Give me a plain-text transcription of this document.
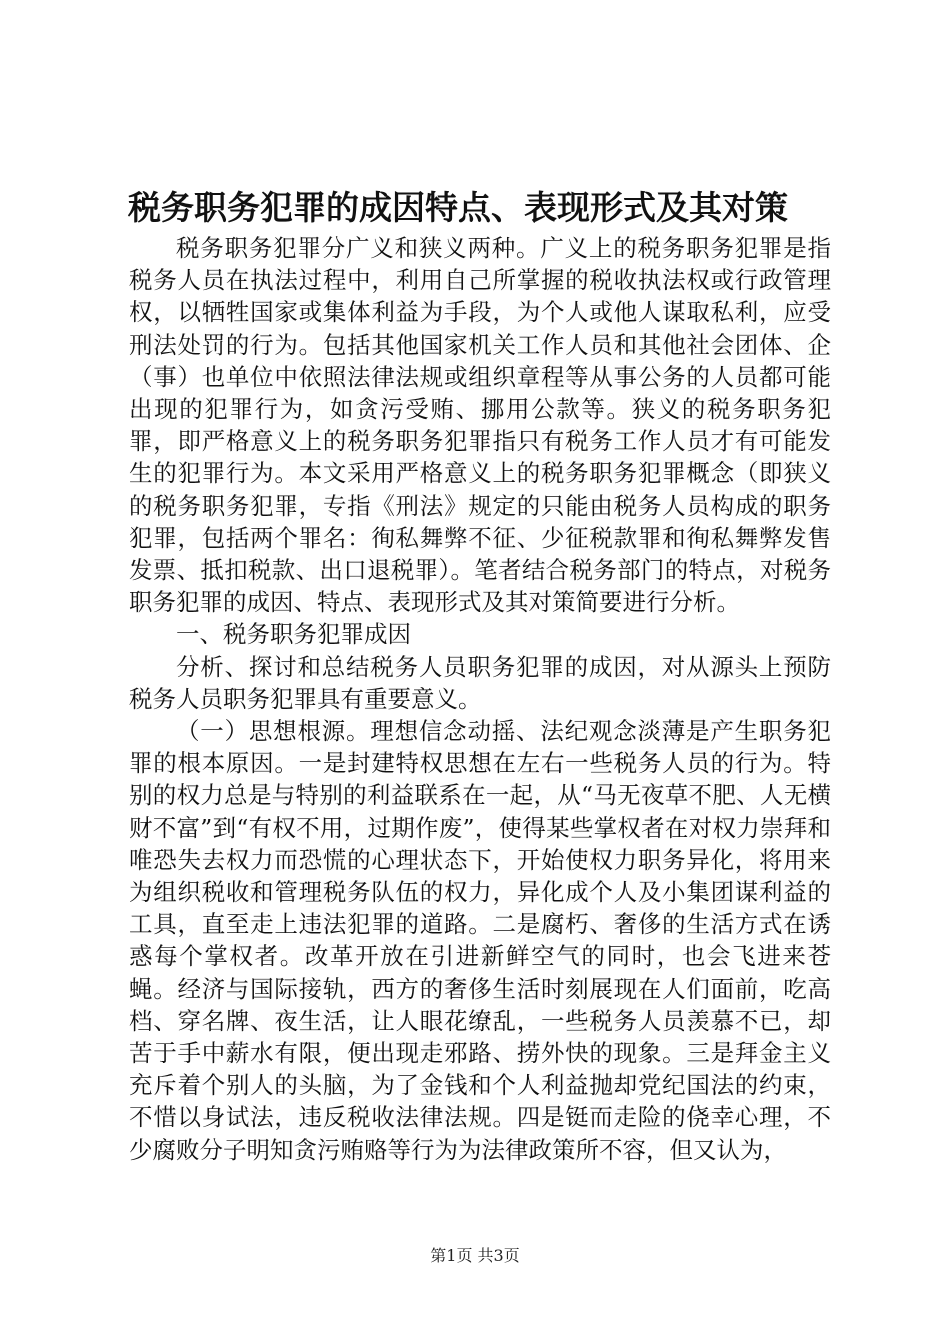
税务职务犯罪的成因特点、表现形式及其对策

税务职务犯罪分广义和狭义两种。广义上的税务职务犯罪是指税务人员在执法过程中，利用自己所掌握的税收执法权或行政管理权，以牺牲国家或集体利益为手段，为个人或他人谋取私利，应受刑法处罚的行为。包括其他国家机关工作人员和其他社会团体、企（事）也单位中依照法律法规或组织章程等从事公务的人员都可能出现的犯罪行为，如贪污受贿、挪用公款等。狭义的税务职务犯罪，即严格意义上的税务职务犯罪指只有税务工作人员才有可能发生的犯罪行为。本文采用严格意义上的税务职务犯罪概念（即狭义的税务职务犯罪，专指《刑法》规定的只能由税务人员构成的职务犯罪，包括两个罪名：徇私舞弊不征、少征税款罪和徇私舞弊发售发票、抵扣税款、出口退税罪）。笔者结合税务部门的特点，对税务职务犯罪的成因、特点、表现形式及其对策简要进行分析。

一、税务职务犯罪成因

分析、探讨和总结税务人员职务犯罪的成因，对从源头上预防税务人员职务犯罪具有重要意义。

（一）思想根源。理想信念动摇、法纪观念淡薄是产生职务犯罪的根本原因。一是封建特权思想在左右一些税务人员的行为。特别的权力总是与特别的利益联系在一起，从“马无夜草不肥、人无横财不富”到“有权不用，过期作废”，使得某些掌权者在对权力崇拜和唯恐失去权力而恐慌的心理状态下，开始使权力职务异化，将用来为组织税收和管理税务队伍的权力，异化成个人及小集团谋利益的工具，直至走上违法犯罪的道路。二是腐朽、奢侈的生活方式在诱惑每个掌权者。改革开放在引进新鲜空气的同时，也会飞进来苍蝇。经济与国际接轨，西方的奢侈生活时刻展现在人们面前，吃高档、穿名牌、夜生活，让人眼花缭乱，一些税务人员羡慕不已，却苦于手中薪水有限，便出现走邪路、捞外快的现象。三是拜金主义充斥着个别人的头脑，为了金钱和个人利益抛却党纪国法的约束，不惜以身试法，违反税收法律法规。四是铤而走险的侥幸心理，不少腐败分子明知贪污贿赂等行为为法律政策所不容，但又认为，

第1页 共3页
